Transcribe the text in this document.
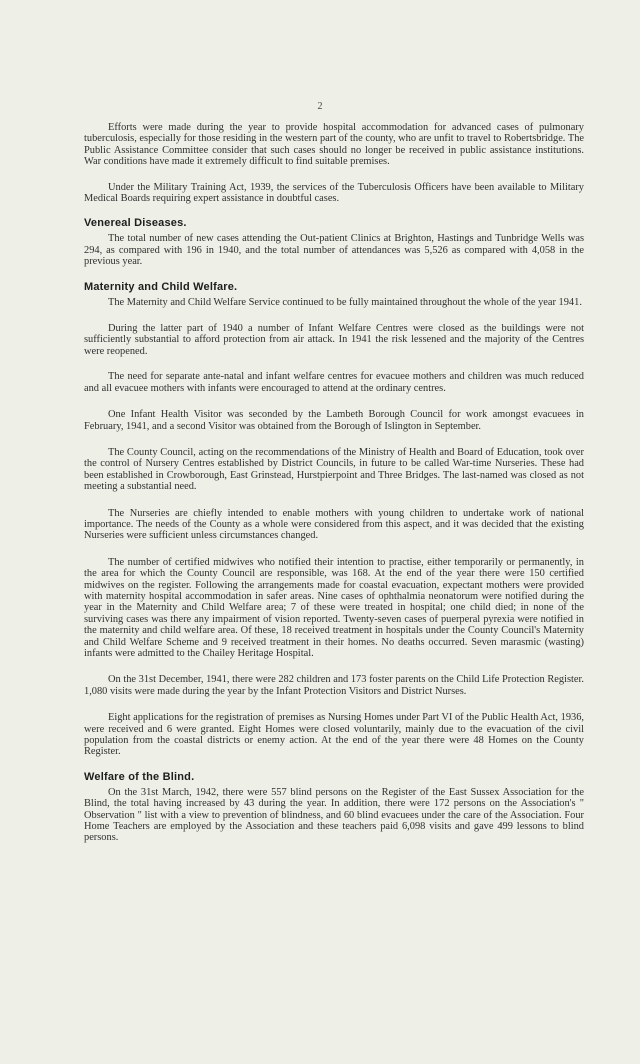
2

Efforts were made during the year to provide hospital accommodation for advanced cases of pulmonary tuberculosis, especially for those residing in the western part of the county, who are unfit to travel to Robertsbridge. The Public Assistance Committee consider that such cases should no longer be received in public assistance institutions. War conditions have made it extremely difficult to find suitable premises.

Under the Military Training Act, 1939, the services of the Tuberculosis Officers have been available to Military Medical Boards requiring expert assistance in doubtful cases.

Venereal Diseases.

The total number of new cases attending the Out-patient Clinics at Brighton, Hastings and Tunbridge Wells was 294, as compared with 196 in 1940, and the total number of attendances was 5,526 as compared with 4,058 in the previous year.

Maternity and Child Welfare.

The Maternity and Child Welfare Service continued to be fully maintained throughout the whole of the year 1941.

During the latter part of 1940 a number of Infant Welfare Centres were closed as the buildings were not sufficiently substantial to afford protection from air attack. In 1941 the risk lessened and the majority of the Centres were reopened.

The need for separate ante-natal and infant welfare centres for evacuee mothers and children was much reduced and all evacuee mothers with infants were encouraged to attend at the ordinary centres.

One Infant Health Visitor was seconded by the Lambeth Borough Council for work amongst evacuees in February, 1941, and a second Visitor was obtained from the Borough of Islington in September.

The County Council, acting on the recommendations of the Ministry of Health and Board of Education, took over the control of Nursery Centres established by District Councils, in future to be called War-time Nurseries. These had been established in Crowborough, East Grinstead, Hurstpierpoint and Three Bridges. The last-named was closed as not meeting a substantial need.

The Nurseries are chiefly intended to enable mothers with young children to undertake work of national importance. The needs of the County as a whole were considered from this aspect, and it was decided that the existing Nurseries were sufficient unless circumstances changed.

The number of certified midwives who notified their intention to practise, either temporarily or permanently, in the area for which the County Council are responsible, was 168. At the end of the year there were 150 certified midwives on the register. Following the arrangements made for coastal evacuation, expectant mothers were provided with maternity hospital accommodation in safer areas. Nine cases of ophthalmia neonatorum were notified during the year in the Maternity and Child Welfare area; 7 of these were treated in hospital; one child died; in none of the surviving cases was there any impairment of vision reported. Twenty-seven cases of puerperal pyrexia were notified in the maternity and child welfare area. Of these, 18 received treatment in hospitals under the County Council's Maternity and Child Welfare Scheme and 9 received treatment in their homes. No deaths occurred. Seven marasmic (wasting) infants were admitted to the Chailey Heritage Hospital.

On the 31st December, 1941, there were 282 children and 173 foster parents on the Child Life Protection Register. 1,080 visits were made during the year by the Infant Protection Visitors and District Nurses.

Eight applications for the registration of premises as Nursing Homes under Part VI of the Public Health Act, 1936, were received and 6 were granted. Eight Homes were closed voluntarily, mainly due to the evacuation of the civil population from the coastal districts or enemy action. At the end of the year there were 48 Homes on the County Register.

Welfare of the Blind.

On the 31st March, 1942, there were 557 blind persons on the Register of the East Sussex Association for the Blind, the total having increased by 43 during the year. In addition, there were 172 persons on the Association's " Observation " list with a view to prevention of blindness, and 60 blind evacuees under the care of the Association. Four Home Teachers are employed by the Association and these teachers paid 6,098 visits and gave 499 lessons to blind persons.
